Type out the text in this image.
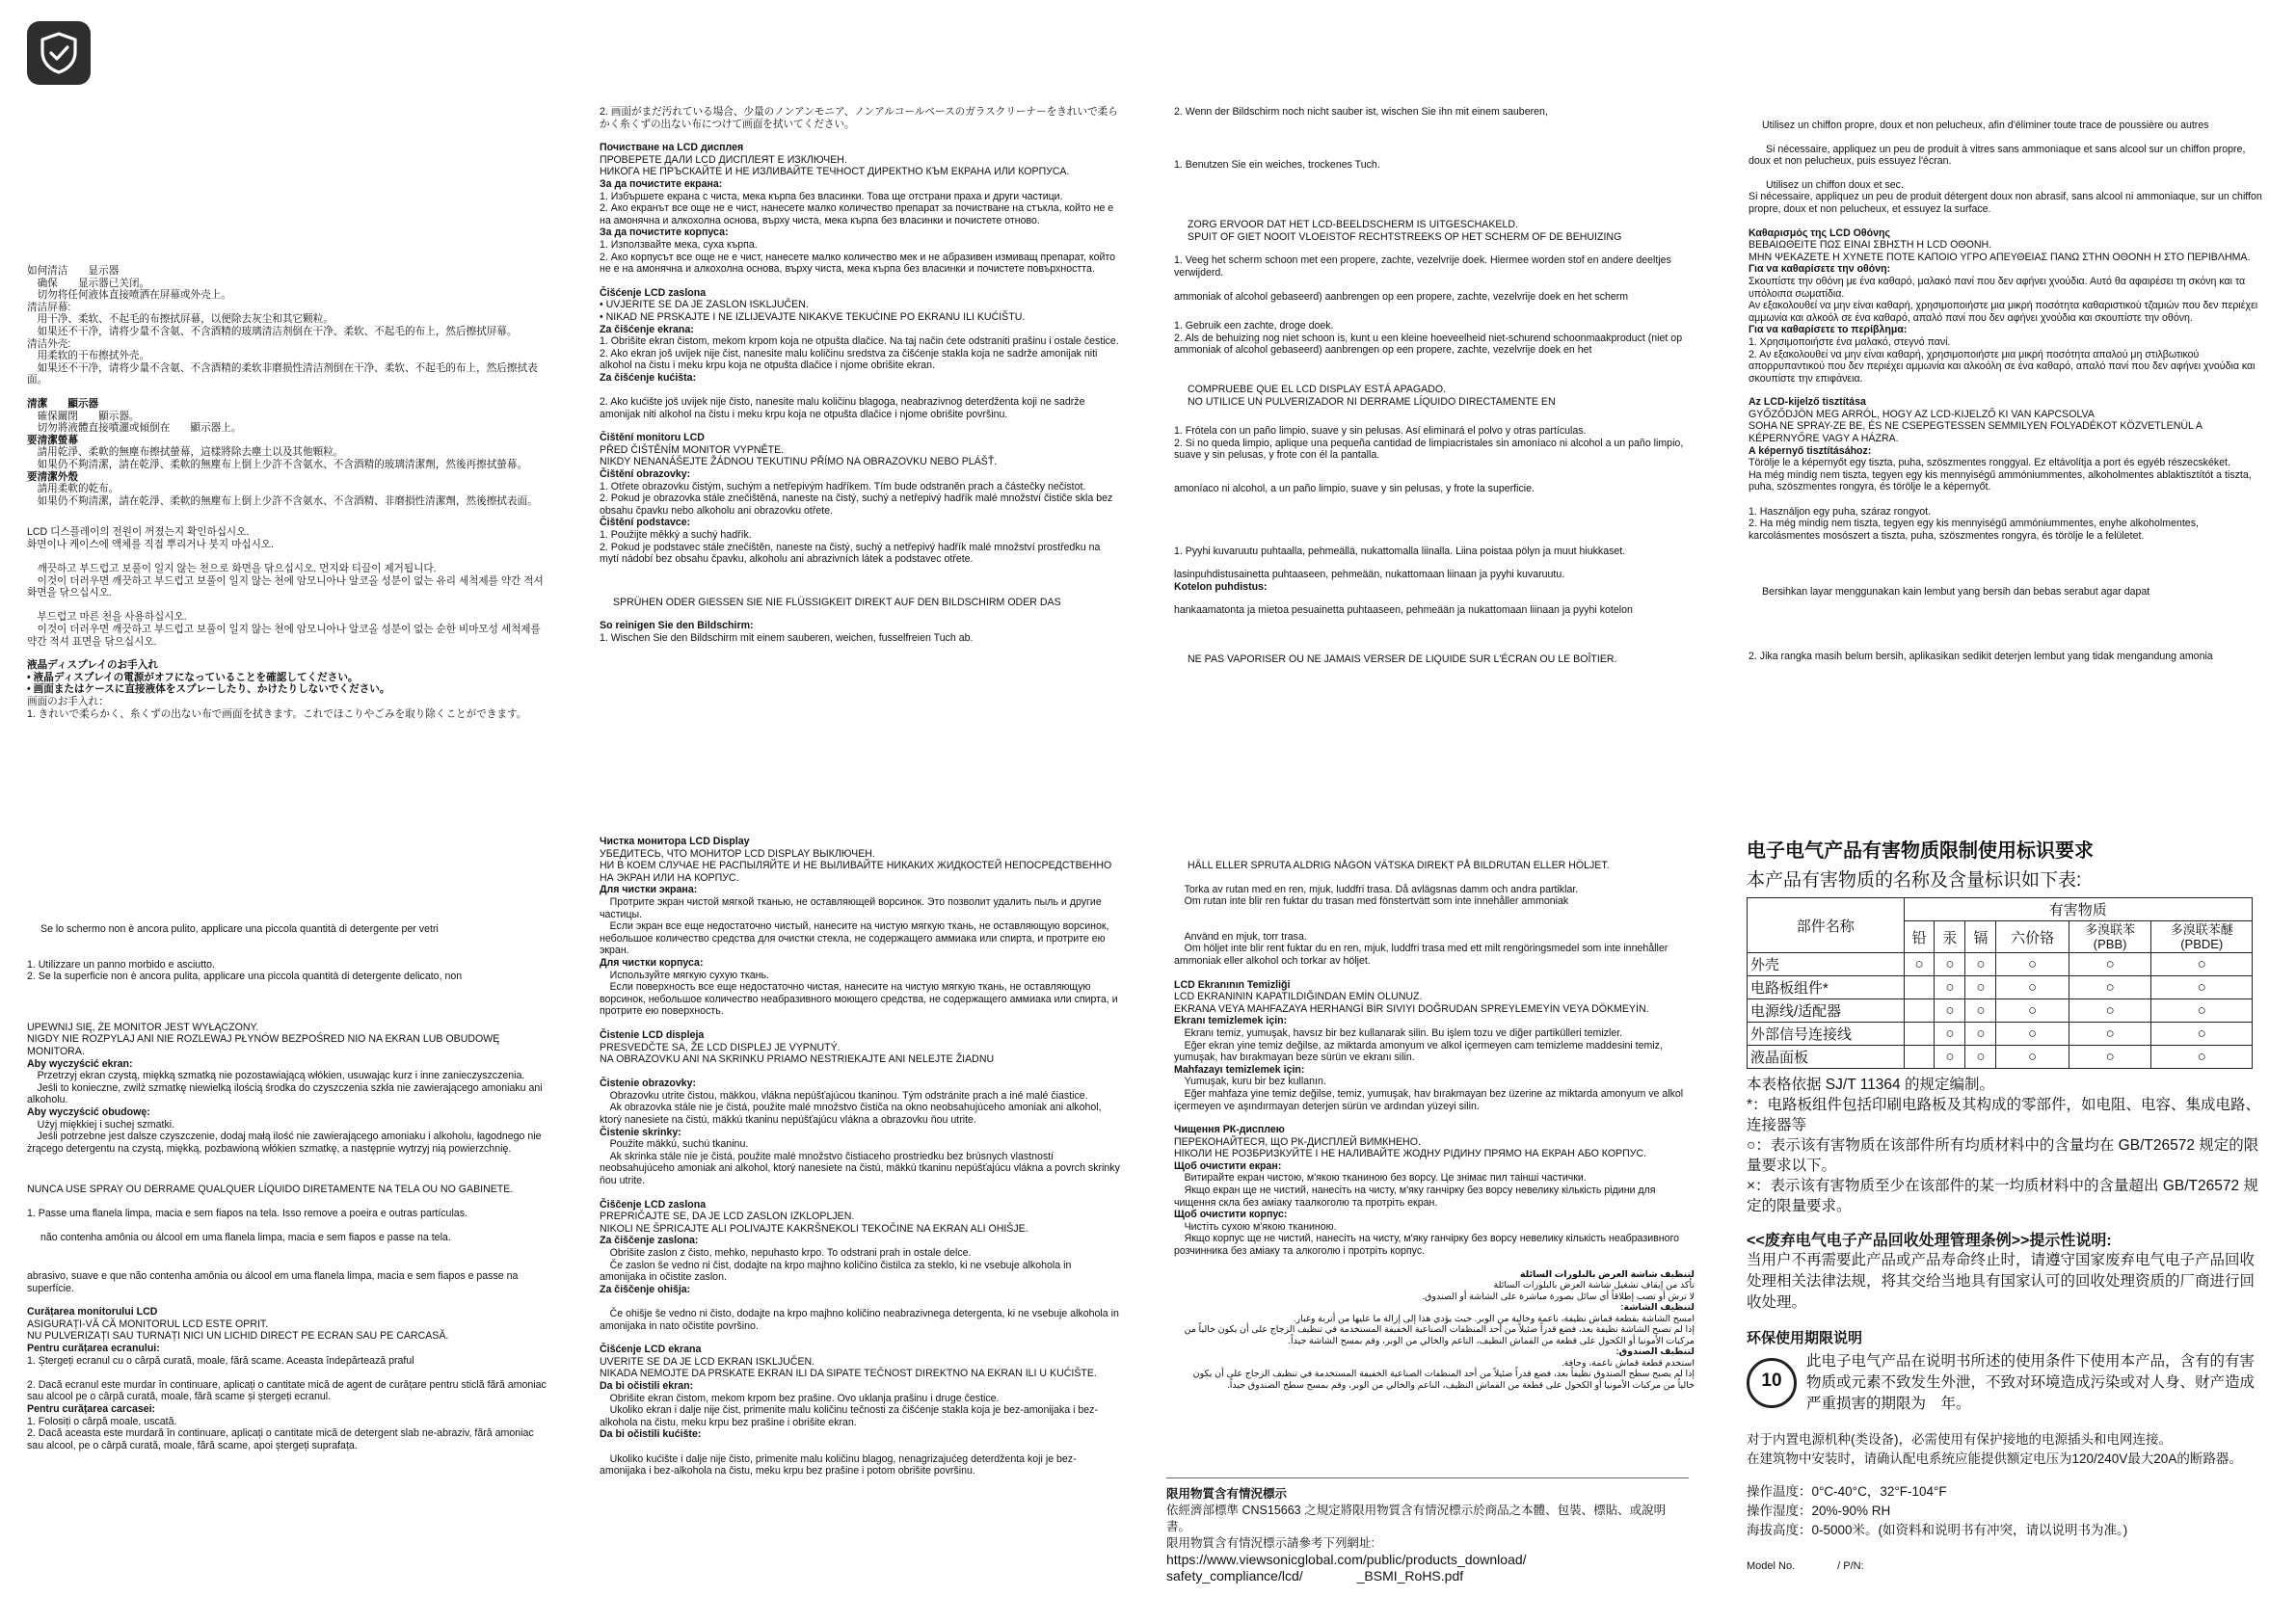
如何清洁　　显示器
　确保　　显示器已关闭。
　切勿将任何液体直接喷洒在屏幕或外壳上。
清洁屏幕:
　用干净、柔软、不起毛的布擦拭屏幕，以便除去灰尘和其它颗粒。
　如果还不干净，请将少量不含氨、不含酒精的玻璃清洁剂倒在干净、柔软、不起毛的布上，然后擦拭屏幕。
清洁外壳:
　用柔软的干布擦拭外壳。
　如果还不干净，请将少量不含氨、不含酒精的柔软非磨损性清洁剂倒在干净、柔软、不起毛的布上，然后擦拭表面。

清潔　　顯示器
　確保關閉　　顯示器。
　切勿將液體直接噴灑或傾倒在　　顯示器上。
要清潔螢幕
　請用乾淨、柔軟的無塵布擦拭螢幕，這樣將除去塵土以及其他顆粒。
　如果仍不夠清潔，請在乾淨、柔軟的無塵布上倒上少許不含氨水、不含酒精的玻璃清潔劑，然後再擦拭螢幕。
要清潔外殼
　請用柔軟的乾布。
　如果仍不夠清潔，請在乾淨、柔軟的無塵布上倒上少許不含氨水、不含酒精、非磨損性清潔劑，然後擦拭表面。

LCD 디스플레이의 전원이 꺼졌는지 확인하십시오.
화면이나 케이스에 액체를 직접 뿌리거나 붓지 마십시오.

　깨끗하고 부드럽고 보풀이 일지 않는 천으로 화면을 닦으십시오. 먼지와 티끌이 제거됩니다.
　이것이 더러우면 깨끗하고 부드럽고 보풀이 일지 않는 천에 암모니아나 알코올 성분이 없는 유리 세척제를 약간 적셔 화면을 닦으십시오.

　부드럽고 마른 천을 사용하십시오.
　이것이 더러우면 깨끗하고 부드럽고 보풀이 일지 않는 천에 암모니아나 알코올 성분이 없는 순한 비마모성 세척제를 약간 적셔 표면을 닦으십시오.

液晶ディスプレイのお手入れ
• 液晶ディスプレイの電源がオフになっていることを確認してください。
• 画面またはケースに直接液体をスプレーしたり、かけたりしないでください。
画面のお手入れ：
1. きれいで柔らかく、糸くずの出ない布で画面を拭きます。これでほこりやごみを取り除くことができます。

Se lo schermo non è ancora pulito, applicare una piccola quantità di detergente per vetri

1. Utilizzare un panno morbido e asciutto.
2. Se la superficie non è ancora pulita, applicare una piccola quantità di detergente delicato, non

UPEWNIJ SIĘ, ŻE MONITOR JEST WYŁĄCZONY.
NIGDY NIE ROZPYLAJ ANI NIE ROZLEWAJ PŁYNÓW BEZPOŚRED NIO NA EKRAN LUB OBUDOWĘ MONITORA.
Aby wyczyścić ekran:
　Przetrzyj ekran czystą, miękką szmatką nie pozostawiającą włókien, usuwając kurz i inne zanieczyszczenia.
　Jeśli to konieczne, zwilż szmatkę niewielką ilością środka do czyszczenia szkła nie zawierającego amoniaku ani alkoholu.
Aby wyczyścić obudowę:
　Użyj miękkiej i suchej szmatki.
　Jeśli potrzebne jest dalsze czyszczenie, dodaj małą ilość nie zawierającego amoniaku i alkoholu, łagodnego nie żrącego detergentu na czystą, miękką, pozbawioną włókien szmatkę, a następnie wytrzyj nią powierzchnię.

NUNCA USE SPRAY OU DERRAME QUALQUER LÍQUIDO DIRETAMENTE NA TELA OU NO GABINETE.

1. Passe uma flanela limpa, macia e sem fiapos na tela. Isso remove a poeira e outras partículas.

não contenha amônia ou álcool em uma flanela limpa, macia e sem fiapos e passe na tela.

abrasivo, suave e que não contenha amônia ou álcool em uma flanela limpa, macia e sem fiapos e passe na superfície.

Curățarea monitorului LCD
ASIGURAȚI-VĂ CĂ MONITORUL LCD ESTE OPRIT.
NU PULVERIZAȚI SAU TURNAȚI NICI UN LICHID DIRECT PE ECRAN SAU PE CARCASĂ.
Pentru curățarea ecranului:
1. Ștergeți ecranul cu o cârpă curată, moale, fără scame. Aceasta îndepărtează praful

2. Dacă ecranul este murdar în continuare, aplicați o cantitate mică de agent de curățare pentru sticlă fără amoniac sau alcool pe o cârpă curată, moale, fără scame și ștergeți ecranul.
Pentru curățarea carcasei:
1. Folosiți o cârpă moale, uscată.
2. Dacă aceasta este murdară în continuare, aplicați o cantitate mică de detergent slab ne-abraziv, fără amoniac sau alcool, pe o cârpă curată, moale, fără scame, apoi ștergeți suprafața.

2. 画面がまだ汚れている場合、少量のノンアンモニア、ノンアルコールベースのガラスクリーナーをきれいで柔らかく糸くずの出ない布につけて画面を拭いてください。

Почистване на LCD дисплея
ПРОВЕРЕТЕ ДАЛИ LCD ДИСПЛЕЯТ Е ИЗКЛЮЧЕН.
НИКОГА НЕ ПРЪСКАЙТЕ И НЕ ИЗЛИВАЙТЕ ТЕЧНОСТ ДИРЕКТНО КЪМ ЕКРАНА ИЛИ КОРПУСА.
За да почистите екрана:
1. Избършете екрана с чиста, мека кърпа без власинки. Това ще отстрани праха и други частици.
2. Ако екранът все още не е чист, нанесете малко количество препарат за почистване на стъкла, който не е на амонячна и алкохолна основа, върху чиста, мека кърпа без власинки и почистете отново.
За да почистите корпуса:
1. Използвайте мека, суха кърпа.
2. Ако корпусът все още не е чист, нанесете малко количество мек и не абразивен измиващ препарат, който не е на амонячна и алкохолна основа, върху чиста, мека кърпа без власинки и почистете повърхността.

Čišćenje LCD zaslona
• UVJERITE SE DA JE ZASLON ISKLJUČEN.
• NIKAD NE PRSKAJTE I NE IZLIJEVAJTE NIKAKVE TEKUĆINE PO EKRANU ILI KUĆIŠTU.
Za čišćenje ekrana:
1. Obrišite ekran čistom, mekom krpom koja ne otpušta dlačice. Na taj način ćete odstraniti prašinu i ostale čestice.
2. Ako ekran još uvijek nije čist, nanesite malu količinu sredstva za čišćenje stakla koja ne sadrže amonijak niti alkohol na čistu i meku krpu koja ne otpušta dlačice i njome obrišite ekran.
Za čišćenje kućišta:

2. Ako kućište još uvijek nije čisto, nanesite malu količinu blagoga, neabrazivnog deterdženta koji ne sadrže amonijak niti alkohol na čistu i meku krpu koja ne otpušta dlačice i njome obrišite površinu.

Čištění monitoru LCD
PŘED ČIŠTĚNÍM MONITOR VYPNĚTE.
NIKDY NENANÁŠEJTE ŽÁDNOU TEKUTINU PŘÍMO NA OBRAZOVKU NEBO PLÁŠŤ.
Čištění obrazovky:
1. Otřete obrazovku čistým, suchým a netřepivým hadříkem. Tím bude odstraněn prach a částečky nečistot.
2. Pokud je obrazovka stále znečištěná, naneste na čistý, suchý a netřepivý hadřík malé množství čističe skla bez obsahu čpavku nebo alkoholu ani obrazovku otřete.
Čištění podstavce:
1. Použijte měkký a suchý hadřík.
2. Pokud je podstavec stále znečištěn, naneste na čistý, suchý a netřepivý hadřík malé množství prostředku na mytí nádobí bez obsahu čpavku, alkoholu ani abrazivních látek a podstavec otřete.

SPRÜHEN ODER GIESSEN SIE NIE FLÜSSIGKEIT DIREKT AUF DEN BILDSCHIRM ODER DAS

So reinigen Sie den Bildschirm:
1. Wischen Sie den Bildschirm mit einem sauberen, weichen, fusselfreien Tuch ab.

Чистка монитора LCD Display
УБЕДИТЕСЬ, ЧТО МОНИТОР LCD DISPLAY ВЫКЛЮЧЕН.
НИ В КОЕМ СЛУЧАЕ НЕ РАСПЫЛЯЙТЕ И НЕ ВЫЛИВАЙТЕ НИКАКИХ ЖИДКОСТЕЙ НЕПОСРЕДСТВЕННО НА ЭКРАН ИЛИ НА КОРПУС.
Для чистки экрана:
　Протрите экран чистой мягкой тканью, не оставляющей ворсинок. Это позволит удалить пыль и другие частицы.
　Если экран все еще недостаточно чистый, нанесите на чистую мягкую ткань, не оставляющую ворсинок, небольшое количество средства для очистки стекла, не содержащего аммиака или спирта, и протрите ею экран.
Для чистки корпуса:
　Используйте мягкую сухую ткань.
　Если поверхность все еще недостаточно чистая, нанесите на чистую мягкую ткань, не оставляющую ворсинок, небольшое количество неабразивного моющего средства, не содержащего аммиака или спирта, и протрите ею поверхность.

Čistenie LCD displeja
PRESVEDČTE SA, ŽE LCD DISPLEJ JE VYPNUTÝ.
NA OBRAZOVKU ANI NA SKRINKU PRIAMO NESTRIEKAJTE ANI NELEJTE ŽIADNU

Čistenie obrazovky:
　Obrazovku utrite čistou, mäkkou, vláknа nepúšťajúcou tkaninou. Tým odstránite prach a iné malé čiastice.
　Ak obrazovka stále nie je čistá, použite malé množstvo čističa na okno neobsahujúceho amoniak ani alkohol, ktorý nanesiete na čistú, mäkkú tkaninu nepúšťajúcu vlákna a obrazovku ňou utrite.
Čistenie skrinky:
　Použite mäkkú, suchú tkaninu.
　Ak skrinka stále nie je čistá, použite malé množstvo čistiaceho prostriedku bez brúsnych vlastností neobsahujúceho amoniak ani alkohol, ktorý nanesiete na čistú, mäkkú tkaninu nepúšťajúcu vlákna a povrch skrinky ňou utrite.

Čiščenje LCD zaslona
PREPRIČAJTE SE, DA JE LCD ZASLON IZKLOPLJEN.
NIKOLI NE ŠPRICAJTE ALI POLIVAJTE KAKRŠNEKOLI TEKOČINE NA EKRAN ALI OHIŠJE.
Za čiščenje zaslona:
　Obrišite zaslon z čisto, mehko, nepuhasto krpo. To odstrani prah in ostale delce.
　Če zaslon še vedno ni čist, dodajte na krpo majhno količino čistilca za steklo, ki ne vsebuje alkohola in amonijaka in očistite zaslon.
Za čiščenje ohišja:

　Če ohišje še vedno ni čisto, dodajte na krpo majhno količino neabrazivnega detergenta, ki ne vsebuje alkohola in amonijaka in nato očistite površino.

Čišćenje LCD ekrana
UVERITE SE DA JE LCD EKRAN ISKLJUČEN.
NIKADA NEMOJTE DA PRSKATE EKRAN ILI DA SIPATE TEČNOST DIREKTNO NA EKRAN ILI U KUĆIŠTE.
Da bi očistili ekran:
　Obrišite ekran čistom, mekom krpom bez prašine. Ovo uklanja prašinu i druge čestice.
　Ukoliko ekran i dalje nije čist, primenite malu količinu tečnosti za čišćenje stakla koja je bez-amonijaka i bez-alkohola na čistu, meku krpu bez prašine i obrišite ekran.
Da bi očistili kućište:

　Ukoliko kućište i dalje nije čisto, primenite malu količinu blagog, nenagrizajućeg deterdženta koji je bez-amonijaka i bez-alkohola na čistu, meku krpu bez prašine i potom obrišite površinu.

2. Wenn der Bildschirm noch nicht sauber ist, wischen Sie ihn mit einem sauberen,

1. Benutzen Sie ein weiches, trockenes Tuch.

ZORG ERVOOR DAT HET LCD-BEELDSCHERM IS UITGESCHAKELD.
SPUIT OF GIET NOOIT VLOEISTOF RECHTSTREEKS OP HET SCHERM OF DE BEHUIZING

1. Veeg het scherm schoon met een propere, zachte, vezelvrije doek. Hiermee worden stof en andere deeltjes verwijderd.

ammoniak of alcohol gebaseerd) aanbrengen op een propere, zachte, vezelvrije doek en het scherm

1. Gebruik een zachte, droge doek.
2. Als de behuizing nog niet schoon is, kunt u een kleine hoeveelheid niet-schurend schoonmaakproduct (niet op ammoniak of alcohol gebaseerd) aanbrengen op een propere, zachte, vezelvrije doek en het

COMPRUEBE QUE EL LCD DISPLAY ESTÁ APAGADO.
NO UTILICE UN PULVERIZADOR NI DERRAME LÍQUIDO DIRECTAMENTE EN

1. Frótela con un paño limpio, suave y sin pelusas. Así eliminará el polvo y otras partículas.
2. Si no queda limpio, aplique una pequeña cantidad de limpiacristales sin amoníaco ni alcohol a un paño limpio, suave y sin pelusas, y frote con él la pantalla.

amoníaco ni alcohol, a un paño limpio, suave y sin pelusas, y frote la superficie.

1. Pyyhi kuvaruutu puhtaalla, pehmeällä, nukattomalla liinalla. Liina poistaa pölyn ja muut hiukkaset.

lasinpuhdistusainetta puhtaaseen, pehmeään, nukattomaan liinaan ja pyyhi kuvaruutu.
Kotelon puhdistus:

hankaamatonta ja mietoa pesuainetta puhtaaseen, pehmeään ja nukattomaan liinaan ja pyyhi kotelon

NE PAS VAPORISER OU NE JAMAIS VERSER DE LIQUIDE SUR L'ÉCRAN OU LE BOÎTIER.

HÄLL ELLER SPRUTA ALDRIG NÅGON VÄTSKA DIREKT PÅ BILDRUTAN ELLER HÖLJET.

　Torka av rutan med en ren, mjuk, luddfri trasa. Då avlägsnas damm och andra partiklar.
　Om rutan inte blir ren fuktar du trasan med fönstertvätt som inte innehåller ammoniak

　Använd en mjuk, torr trasa.
　Om höljet inte blir rent fuktar du en ren, mjuk, luddfri trasa med ett milt rengöringsmedel som inte innehåller ammoniak eller alkohol och torkar av höljet.

LCD Ekranının Temizliği
LCD EKRANININ KAPATILDIĞINDAN EMİN OLUNUZ.
EKRANA VEYA MAHFAZAYA HERHANGİ BİR SIVIYI DOĞRUDAN SPREYLEMEYİN VEYA DÖKMEYİN.
Ekranı temizlemek için:
　Ekranı temiz, yumuşak, havsız bir bez kullanarak silin. Bu işlem tozu ve diğer partikülleri temizler.
　Eğer ekran yine temiz değilse, az miktarda amonyum ve alkol içermeyen cam temizleme maddesini temiz, yumuşak, hav bırakmayan beze sürün ve ekranı silin.
Mahfazayı temizlemek için:
　Yumuşak, kuru bir bez kullanın.
　Eğer mahfaza yine temiz değilse, temiz, yumuşak, hav bırakmayan bez üzerine az miktarda amonyum ve alkol içermeyen ve aşındırmayan deterjen sürün ve ardından yüzeyi silin.

Чищення РК-дисплею
ПЕРЕКОНАЙТЕСЯ, ЩО РК-ДИСПЛЕЙ ВИМКНЕНО.
НІКОЛИ НЕ РОЗБРИЗКУЙТЕ І НЕ НАЛИВАЙТЕ ЖОДНУ РІДИНУ ПРЯМО НА ЕКРАН АБО КОРПУС.
Щоб очистити екран:
　Витирайте екран чистою, м'якою тканиною без ворсу. Це знімає пил таінші частички.
　Якщо екран ще не чистий, нанесіть на чисту, м'яку ганчірку без ворсу невелику кількість рідини для чищення скла без аміаку таалкоголю та протріть екран.
Щоб очистити корпус:
　Чистіть сухою м'якою тканиною.
　Якщо корпус ще не чистий, нанесіть на чисту, м'яку ганчірку без ворсу невелику кількість неабразивного розчинника без аміаку та алкоголю і протріть корпус.

لتنظيف شاشة العرض بالبلورات السائلة
تأكد من إيقاف تشغيل شاشة العرض بالبلورات السائلة
لا ترش أو تصب إطلاقاً أي سائل بصورة مباشرة على الشاشة أو الصندوق.
لتنظيف الشاشة:
امسح الشاشة بقطعة قماش نظيفة، ناعمة وخالية من الوبر. حيث يؤدي هذا إلى إزالة ما عليها من أتربة وغبار.
إذا لم تصبح الشاشة نظيفة بعد، فضع قدراً ضئيلاً من أحد المنظفات الصناعية الخفيفة المستخدمة في تنظيف الزجاج على أن يكون خالياً من مركبات الأمونيا أو الكحول على قطعة من القماش النظيف، الناعم والخالي من الوبر، وقم بمسح الشاشة جيداً.
لتنظيف الصندوق:
استخدم قطعة قماش ناعمة، وجافة.
إذا لم يصبح سطح الصندوق نظيفاً بعد، فضع قدراً ضئيلاً من أحد المنظفات الصناعية الخفيفة المستخدمة في تنظيف الزجاج على أن يكون خالياً من مركبات الأمونيا أو الكحول على قطعة من القماش النظيف، الناعم والخالي من الوبر، وقم بمسح سطح الصندوق جيداً.

限用物質含有情況標示
依經濟部標準 CNS15663 之規定將限用物質含有情況標示於商品之本體、包裝、標貼、或說明書。
限用物質含有情況標示請參考下列網址:
https://www.viewsonicglobal.com/public/products_download/
safety_compliance/lcd/　　　　_BSMI_RoHS.pdf

Utilisez un chiffon propre, doux et non pelucheux, afin d'éliminer toute trace de poussière ou autres

Si nécessaire, appliquez un peu de produit à vitres sans ammoniaque et sans alcool sur un chiffon propre, doux et non pelucheux, puis essuyez l'écran.

Utilisez un chiffon doux et sec.
Si nécessaire, appliquez un peu de produit détergent doux non abrasif, sans alcool ni ammoniaque, sur un chiffon propre, doux et non pelucheux, et essuyez la surface.

Καθαρισμός της LCD Οθόνης
ΒΕΒΑΙΩΘΕΙΤΕ ΠΩΣ ΕΙΝΑΙ ΣΒΗΣΤΗ Η LCD ΟΘΟΝΗ.
ΜΗΝ ΨΕΚΑΖΕΤΕ Η ΧΥΝΕΤΕ ΠΟΤΕ ΚΑΠΟΙΟ ΥΓΡΟ ΑΠΕΥΘΕΙΑΣ ΠΑΝΩ ΣΤΗΝ ΟΘΟΝΗ Η ΣΤΟ ΠΕΡΙΒΛΗΜΑ.
Για να καθαρίσετε την οθόνη:
Σκουπίστε την οθόνη με ένα καθαρό, μαλακό πανί που δεν αφήνει χνούδια. Αυτό θα αφαιρέσει τη σκόνη και τα υπόλοιπα σωματίδια.
Αν εξακολουθεί να μην είναι καθαρή, χρησιμοποιήστε μια μικρή ποσότητα καθαριστικού τζαμιών που δεν περιέχει αμμωνία και αλκοόλ σε ένα καθαρό, απαλό πανί που δεν αφήνει χνούδια και σκουπίστε την οθόνη.
Για να καθαρίσετε το περίβλημα:
1. Χρησιμοποιήστε ένα μαλακό, στεγνό πανί.
2. Αν εξακολουθεί να μην είναι καθαρή, χρησιμοποιήστε μια μικρή ποσότητα απαλού μη στιλβωτικού απορρυπαντικού που δεν περιέχει αμμωνία και αλκοόλη σε ένα καθαρό, απαλό πανί που δεν αφήνει χνούδια και σκουπίστε την επιφάνεια.

Az LCD-kijelző tisztítása
GYŐZŐDJÖN MEG ARRÓL, HOGY AZ LCD-KIJELZŐ KI VAN KAPCSOLVA
SOHA NE SPRAY-ZE BE, ÉS NE CSEPEGTESSEN SEMMILYEN FOLYADÉKOT KÖZVETLENÜL A KÉPERNYŐRE VAGY A HÁZRA.
A képernyő tisztításához:
Törölje le a képernyőt egy tiszta, puha, szöszmentes ronggyal. Ez eltávolítja a port és egyéb részecskéket.
Ha még mindig nem tiszta, tegyen egy kis mennyiségű ammóniummentes, alkoholmentes ablaktisztítót a tiszta, puha, szöszmentes rongyra, és törölje le a képernyőt.

1. Használjon egy puha, száraz rongyot.
2. Ha még mindig nem tiszta, tegyen egy kis mennyiségű ammóniummentes, enyhe alkoholmentes, karcolásmentes mosószert a tiszta, puha, szöszmentes rongyra, és törölje le a felületet.

Bersihkan layar menggunakan kain lembut yang bersih dan bebas serabut agar dapat

2. Jika rangka masih belum bersih, aplikasikan sedikit deterjen lembut yang tidak mengandung amonia

电子电气产品有害物质限制使用标识要求
本产品有害物质的名称及含量标识如下表:
部件名称	有害物质					
	铅	汞	镉	六价铬	多溴联苯
(PBB)	多溴联苯醚
(PBDE)
外壳	○	○	○	○	○	○
电路板组件*		○	○	○	○	○
电源线/适配器		○	○	○	○	○
外部信号连接线		○	○	○	○	○
液晶面板		○	○	○	○	○
本表格依据 SJ/T 11364 的规定编制。
*：电路板组件包括印刷电路板及其构成的零部件，如电阻、电容、集成电路、连接器等
○：表示该有害物质在该部件所有均质材料中的含量均在 GB/T26572 规定的限量要求以下。
×：表示该有害物质至少在该部件的某一均质材料中的含量超出 GB/T26572 规定的限量要求。
<<废弃电气电子产品回收处理管理条例>>提示性说明:
当用户不再需要此产品或产品寿命终止时，请遵守国家废弃电气电子产品回收处理相关法律法规，将其交给当地具有国家认可的回收处理资质的厂商进行回收处理。
环保使用期限说明
10
此电子电气产品在说明书所述的使用条件下使用本产品，含有的有害物质或元素不致发生外泄，不致对环境造成污染或对人身、财产造成严重损害的期限为　年。
对于内置电源机种(类设备)，必需使用有保护接地的电源插头和电网连接。
在建筑物中安装时，请确认配电系统应能提供额定电压为120/240V最大20A的断路器。
操作温度：0°C-40°C，32°F-104°F
操作湿度：20%-90% RH
海拔高度：0-5000米。(如资料和说明书有冲突，请以说明书为准。)
Model No.　　　　/ P/N:
